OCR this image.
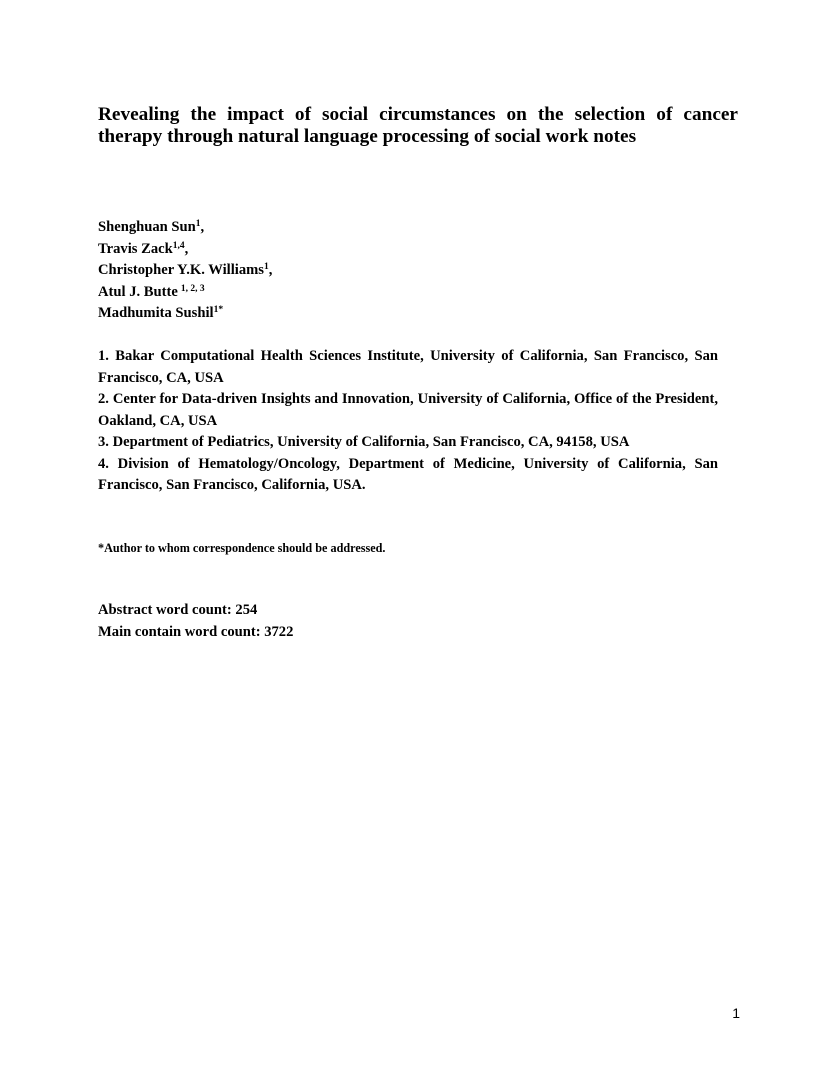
Revealing the impact of social circumstances on the selection of cancer therapy through natural language processing of social work notes
Shenghuan Sun$^1$,
Travis Zack$^{1,4}$,
Christopher Y.K. Williams$^1$,
Atul J. Butte $^{1, 2, 3}$
Madhumita Sushil$^{1*}$
1. Bakar Computational Health Sciences Institute, University of California, San Francisco, San Francisco, CA, USA
2. Center for Data-driven Insights and Innovation, University of California, Office of the President, Oakland, CA, USA
3. Department of Pediatrics, University of California, San Francisco, CA, 94158, USA
4. Division of Hematology/Oncology, Department of Medicine, University of California, San Francisco, San Francisco, California, USA.

*Author to whom correspondence should be addressed.

Abstract word count: 254
Main contain word count: 3722
1
